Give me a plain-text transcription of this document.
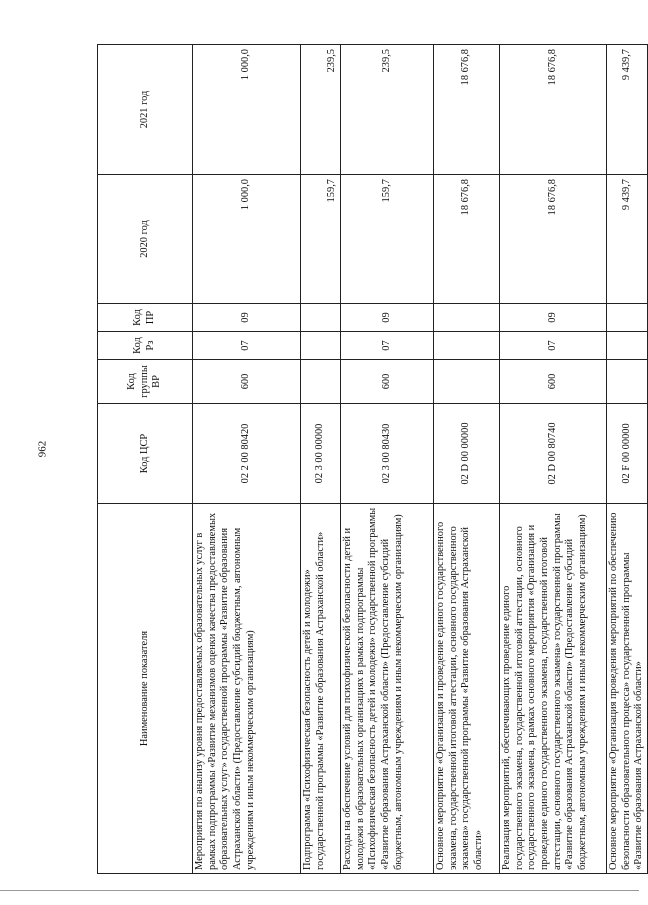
962
Наименование показателя	Код ЦСР	Код группы ВР	Код Рз	Код ПР	2020 год	2021 год
Мероприятия по анализу уровня предоставляемых образовательных услуг в рамках подпрограммы «Развитие механизмов оценки качества предоставляемых образовательных услуг» государственной программы «Развитие образования Астраханской области» (Предоставление субсидий бюджетным, автономным учреждениям и иным некоммерческим организациям)	02 2 00 80420	600	07	09	1 000,0	1 000,0
Подпрограмма «Психофизическая безопасность детей и молодежи» государственной программы «Развитие образования Астраханской области»	02 3 00 00000				159,7	239,5
Расходы на обеспечение условий для психофизической безопасности детей и молодежи в образовательных организациях в рамках подпрограммы «Психофизическая безопасность детей и молодежи» государственной программы «Развитие образования Астраханской области» (Предоставление субсидий бюджетным, автономным учреждениям и иным некоммерческим организациям)	02 3 00 80430	600	07	09	159,7	239,5
Основное мероприятие «Организация и проведение единого государственного экзамена, государственной итоговой аттестации, основного государственного экзамена» государственной программы «Развитие образования Астраханской области»	02 D 00 00000				18 676,8	18 676,8
Реализация мероприятий, обеспечивающих проведение единого государственного экзамена, государственной итоговой аттестации, основного государственного экзамена, в рамках основного мероприятия «Организация и проведение единого государственного экзамена, государственной итоговой аттестации, основного государственного экзамена» государственной программы «Развитие образования Астраханской области» (Предоставление субсидий бюджетным, автономным учреждениям и иным некоммерческим организациям)	02 D 00 80740	600	07	09	18 676,8	18 676,8
Основное мероприятие «Организация проведения мероприятий по обеспечению безопасности образовательного процесса» государственной программы «Развитие образования Астраханской области»	02 F 00 00000				9 439,7	9 439,7
